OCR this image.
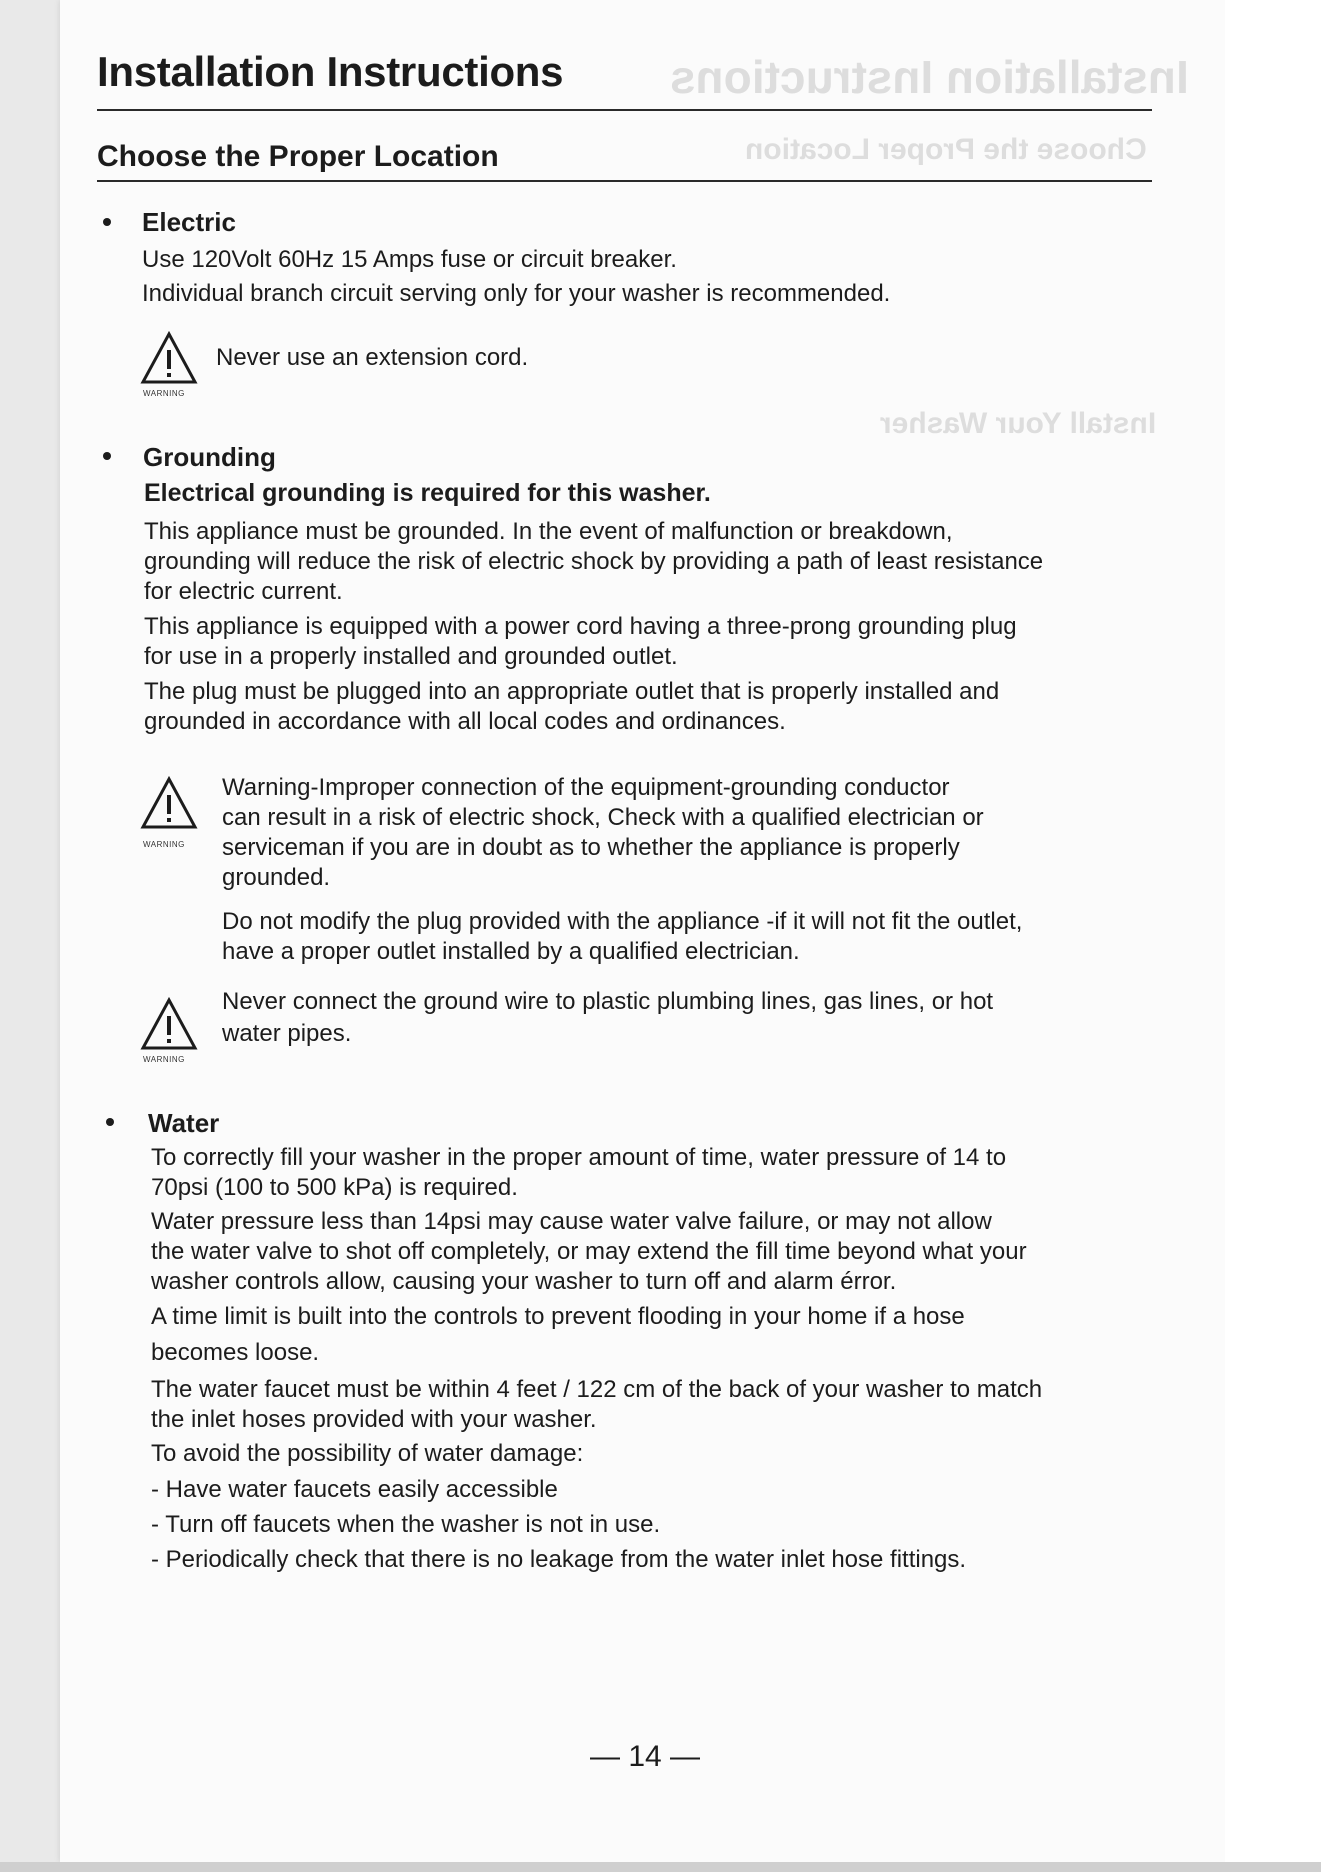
Installation Instructions
Choose the Proper Location
Install Your Washer
Installation Instructions
Choose the Proper Location
Electric
Use 120Volt 60Hz 15 Amps fuse or circuit breaker.
Individual branch circuit serving only for your washer is recommended.
WARNING
Never use an extension cord.
Grounding
Electrical grounding is required for this washer.
This appliance must be grounded. In the event of malfunction or breakdown,
grounding will reduce the risk of electric shock by providing a path of least resistance
for electric current.
This appliance is equipped with a power cord having a three-prong grounding plug
for use in a properly installed and grounded outlet.
The plug must be plugged into an appropriate outlet that is properly installed and
grounded in accordance with all local codes and ordinances.
WARNING
Warning-Improper connection of the equipment-grounding conductor
can result in a risk of electric shock, Check with a qualified electrician or
serviceman if you are in doubt as to whether the appliance is properly
grounded.
Do not modify the plug provided with the appliance -if it will not fit the outlet,
have a proper outlet installed by a qualified electrician.
WARNING
Never connect the ground wire to plastic plumbing lines, gas lines, or hot
water pipes.
Water
To correctly fill your washer in the proper amount of time, water pressure of 14 to
70psi (100 to 500 kPa) is required.
Water pressure less than 14psi may cause water valve failure, or may not allow
the water valve to shot off completely, or may extend the fill time beyond what your
washer controls allow, causing your washer to turn off and alarm érror.
A time limit is built into the controls to prevent flooding in your home if a hose
becomes loose.
The water faucet must be within 4 feet / 122 cm of the back of your washer to match
the inlet hoses provided with your washer.
To avoid the possibility of water damage:
- Have water faucets easily accessible
- Turn off faucets when the washer is not in use.
- Periodically check that there is no leakage from the water inlet hose fittings.
— 14 —
